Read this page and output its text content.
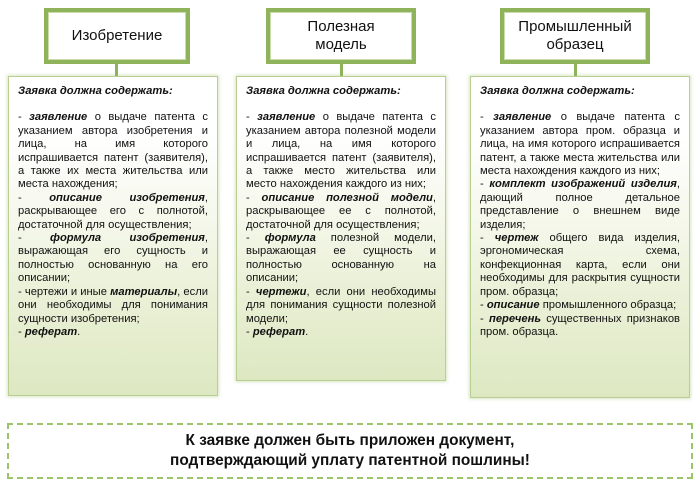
Изобретение
Заявка должна содержать:

- заявление о выдаче патента с указанием автора изобретения и лица, на имя которого испрашивается патент (заявителя), а также их места жительства или места нахождения;

- описание изобретения, раскрывающее его с полнотой, достаточной для осуществления;

- формула изобретения, выражающая его сущность и полностью основанную на его описании;

- чертежи и иные материалы, если они необходимы для понимания сущности изобретения;

- реферат.

Полезная модель
Заявка должна содержать:

- заявление о выдаче патента с указанием автора полезной модели и лица, на имя которого испрашивается патент (заявителя), а также место жительства или место нахождения каждого из них;

- описание полезной модели, раскрывающее ее с полнотой, достаточной для осуществления;

- формула полезной модели, выражающая ее сущность и полностью основанную на описании;

- чертежи, если они необходимы для понимания сущности полезной модели;

- реферат.

Промышленный образец
Заявка должна содержать:

- заявление о выдаче патента с указанием автора пром. образца и лица, на имя которого испрашивается патент, а также места жительства или места нахождения каждого из них;

- комплект изображений изделия, дающий полное детальное представление о внешнем виде изделия;

- чертеж общего вида изделия, эргономическая схема, конфекционная карта, если они необходимы для раскрытия сущности пром. образца;

- описание промышленного образца;

- перечень существенных признаков пром. образца.

К заявке должен быть приложен документ,
подтверждающий уплату патентной пошлины!
